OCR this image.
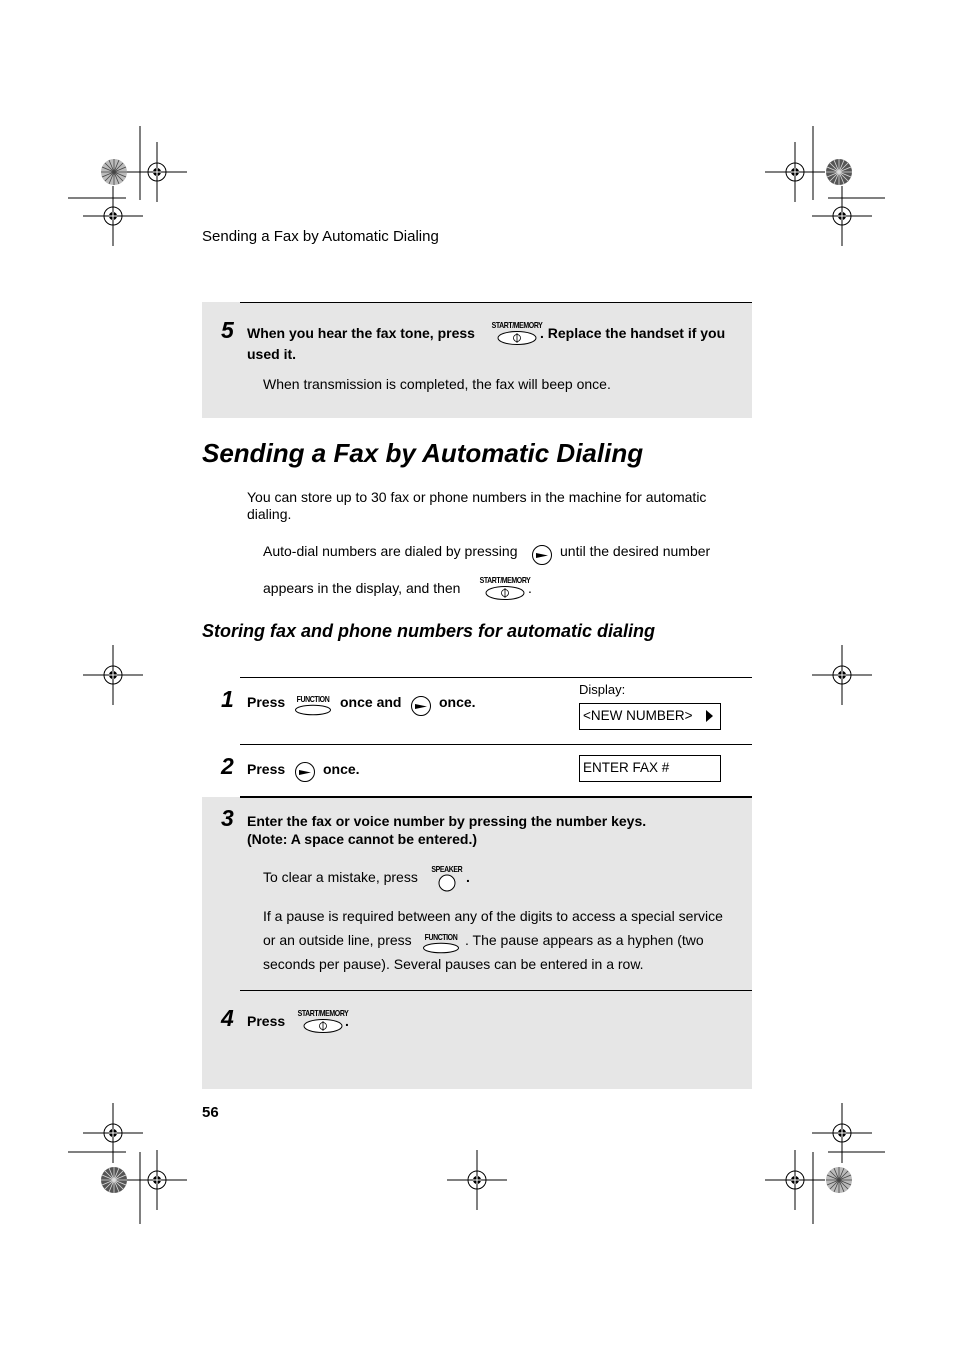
Sending a Fax by Automatic Dialing
5 When you hear the fax tone, press START/MEMORY
. Replace the handset if you
used it.
When transmission is completed, the fax will beep once.
Sending a Fax by Automatic Dialing
You can store up to 30 fax or phone numbers in the machine for automatic
dialing.
Auto-dial numbers are dialed by pressing	until the desired number
appears in the display, and then START/MEMORY
.
Storing fax and phone numbers for automatic dialing
1 Press FUNCTION once and	once.
Display:
<NEW NUMBER>
2 Press	once.	ENTER FAX #
3 Enter the fax or voice number by pressing the number keys.
(Note: A space cannot be entered.)
To clear a mistake, press SPEAKER .
If a pause is required between any of the digits to access a special service
or an outside line, press FUNCTION . The pause appears as a hyphen (two
seconds per pause). Several pauses can be entered in a row.
4 Press START/MEMORY
.
56
